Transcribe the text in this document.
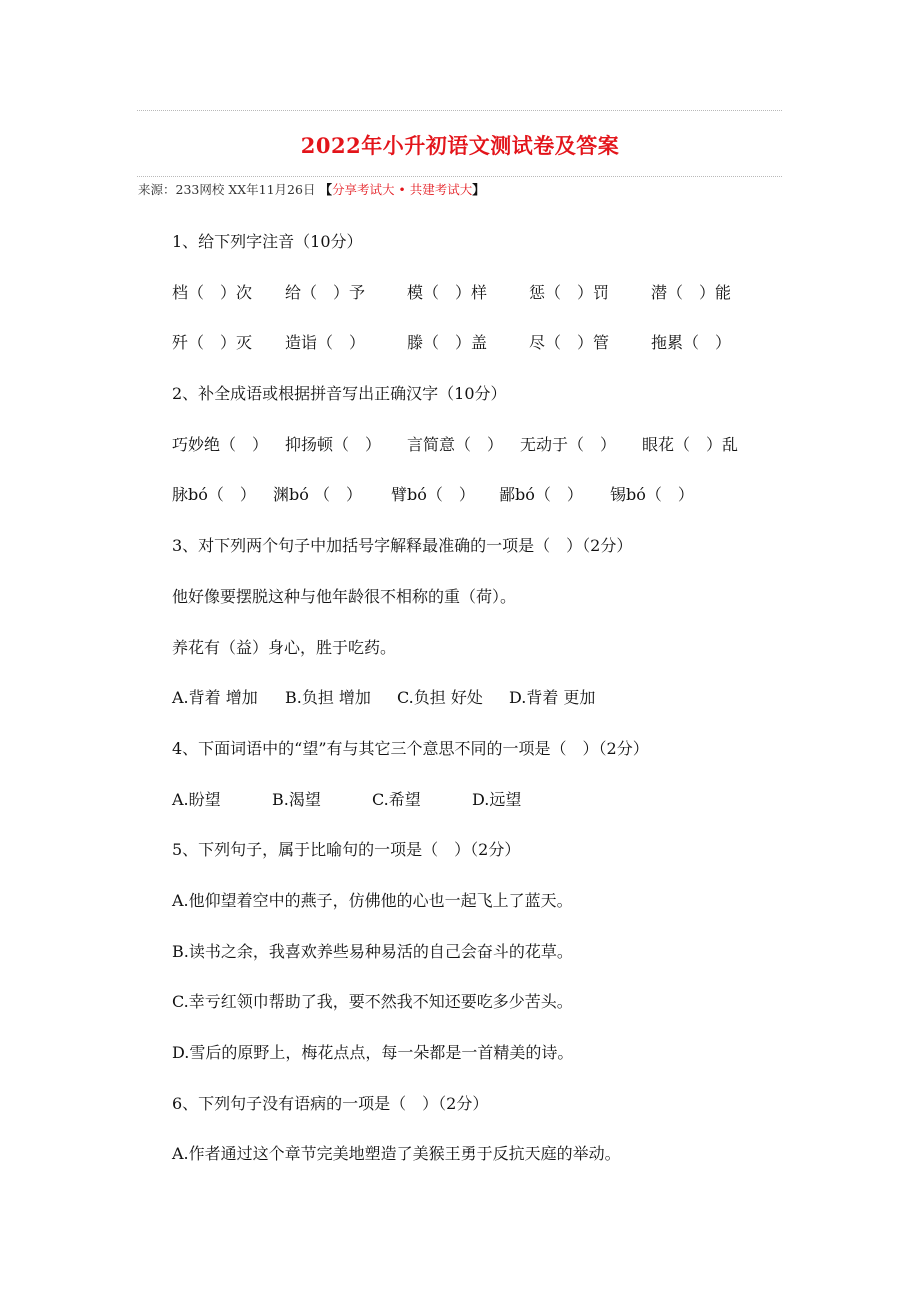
2022年小升初语文测试卷及答案
来源：233网校 XX年11月26日 【分享考试大 • 共建考试大】
1、给下列字注音（10分）
档（　）次 给（　）予	模（　）样	惩（　）罚	潜（　）能
歼（　）灭 造诣（　）	滕（　）盖	尽（　）管	拖累（　）
2、补全成语或根据拼音写出正确汉字（10分）
巧妙绝（　） 抑扬顿（　） 言简意（　） 无动于（　） 眼花（　）乱
脉bó（　） 渊bó （　） 臂bó（　） 鄙bó（　） 锡bó（　）
3、对下列两个句子中加括号字解释最准确的一项是（　）（2分）
他好像要摆脱这种与他年龄很不相称的重（荷）。
养花有（益）身心，胜于吃药。
A.背着 增加 B.负担 增加 C.负担 好处 D.背着 更加
4、下面词语中的“望”有与其它三个意思不同的一项是（　）（2分）
A.盼望	B.渴望	C.希望	D.远望
5、下列句子，属于比喻句的一项是（　）（2分）
A.他仰望着空中的燕子，仿佛他的心也一起飞上了蓝天。
B.读书之余，我喜欢养些易种易活的自己会奋斗的花草。
C.幸亏红领巾帮助了我，要不然我不知还要吃多少苦头。
D.雪后的原野上，梅花点点，每一朵都是一首精美的诗。
6、下列句子没有语病的一项是（　）（2分）
A.作者通过这个章节完美地塑造了美猴王勇于反抗天庭的举动。
